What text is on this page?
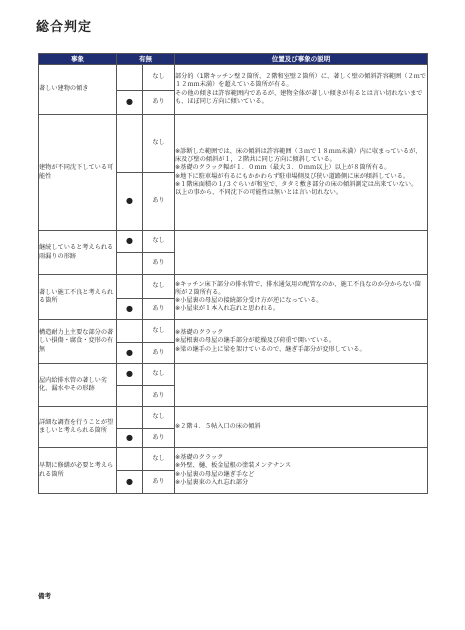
総合判定
事象	有無		位置及び事象の説明
著しい建物の傾き		なし	部分的（1階キッチン壁２箇所、２階和室壁２箇所）に、著しく壁の傾斜許容範囲（２ｍで１２ｍｍ未満）を超えている箇所が有る。
その他の傾きは許容範囲内であるが、建物全体が著しい傾きが有るとは言い切れないまでも、ほぼ同じ方向に傾いている。

	●	あり	
建物が不同沈下している可能性		なし	※診断した範囲では、床の傾斜は許容範囲（３ｍで１８ｍｍ未満）内に収まっているが、床及び壁の傾斜が１，２階共に同じ方向に傾斜している。
※基礎のクラック幅が１．０ｍｍ（最大３．０ｍｍ以上）以上が８箇所有る。
※地下に駐車場が有るにもかかわらず駐車場側及び狭い道路側に床が傾斜している。
※１階床面積の１/３ぐらいが和室で、タタミ敷き部分の床の傾斜測定は出来ていない。
以上の事から、不同沈下の可能性は無いとは言い切れない。

	●	あり	
継続していると考えられる雨漏りの形跡	●	なし	
		あり	
著しい施工不良と考えられる箇所		なし	※キッチン床下部分の排水管で、排水通気用の配管なのか、施工不良なのか分からない箇所が２箇所有る。
※小屋裏の母屋の接続部分受け方が逆になっている。
※小屋束が１本入れ忘れと思われる。

	●	あり	
構造耐力上主要な部分の著しい損傷・腐食・変形の有無		なし	※基礎のクラック
※屋根裏の母屋の継手部分が乾燥及び荷重で開いている。
※梁の継手の上に梁を架けているので、継ぎ手部分が変形している。

	●	あり	
屋内給排水管の著しい劣化、漏水やその形跡	●	なし	
		あり	
詳細な調査を行うことが望ましいと考えられる箇所		なし	※２階４．５帖入口の床の傾斜

	●	あり	
早期に修繕が必要と考えられる箇所		なし	※基礎のクラック
※外壁、樋、板金屋根の塗装メンテナンス
※小屋裏の母屋の継ぎ手など
※小屋裏束の入れ忘れ部分

	●	あり	
備考
